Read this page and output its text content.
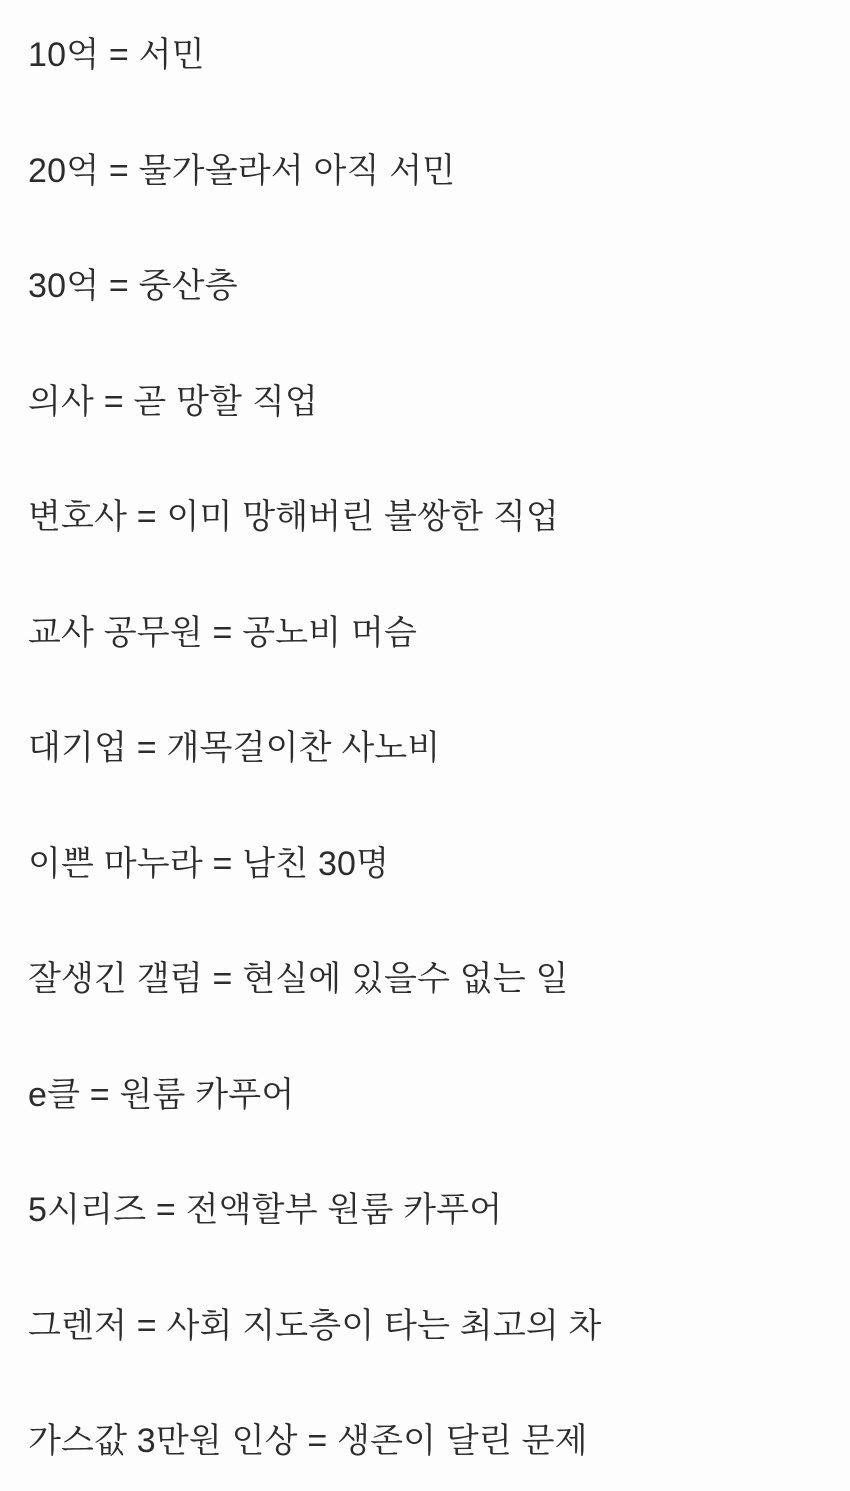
10억 = 서민
20억 = 물가올라서 아직 서민
30억 = 중산층
의사 = 곧 망할 직업
변호사 = 이미 망해버린 불쌍한 직업
교사 공무원 = 공노비 머슴
대기업 = 개목걸이찬 사노비
이쁜 마누라 = 남친 30명
잘생긴 갤럼 = 현실에 있을수 없는 일
e클 = 원룸 카푸어
5시리즈 = 전액할부 원룸 카푸어
그렌저 = 사회 지도층이 타는 최고의 차
가스값 3만원 인상 = 생존이 달린 문제
